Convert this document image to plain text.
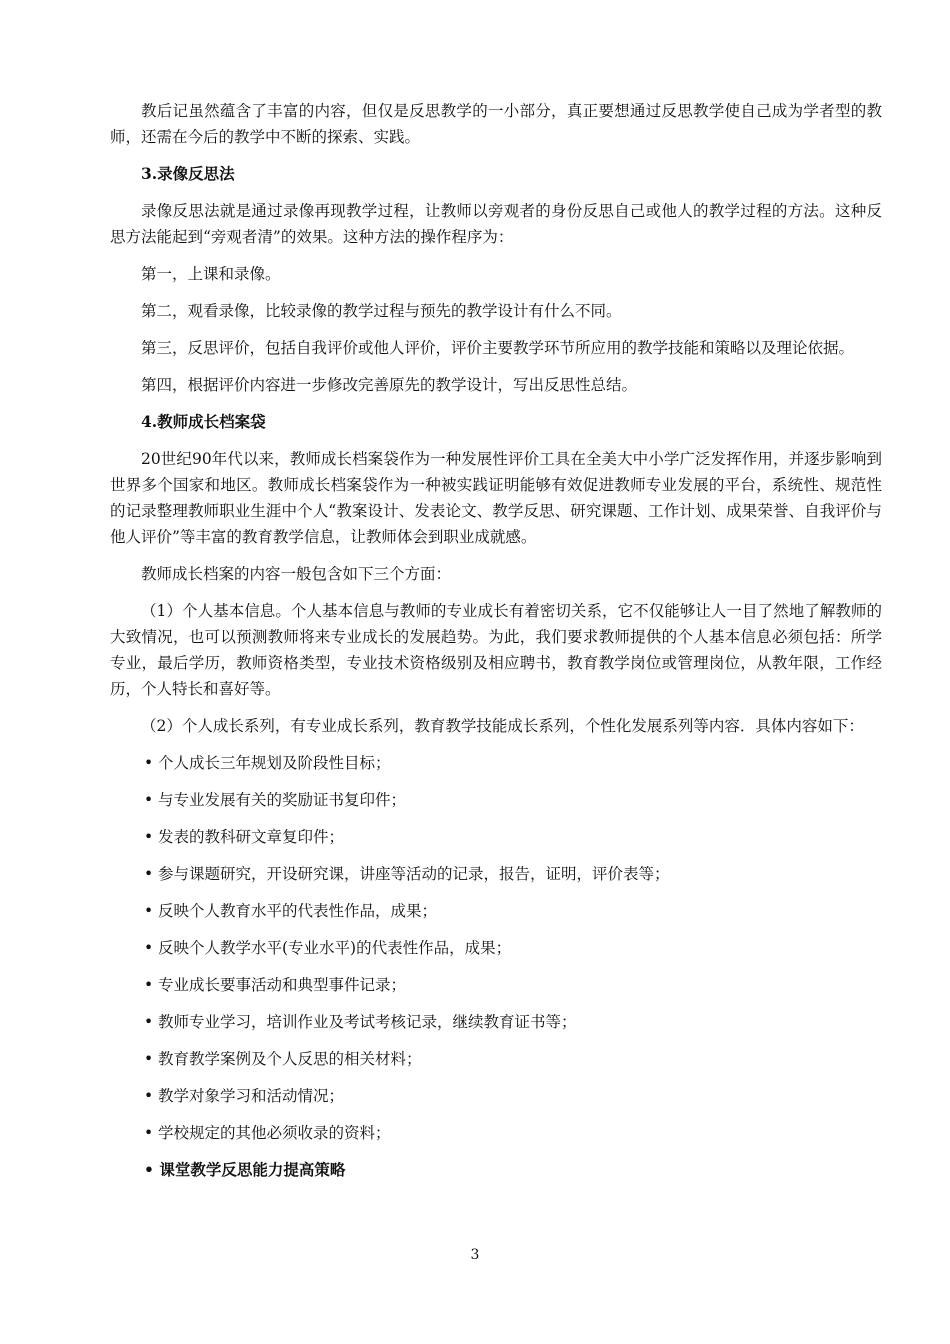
教后记虽然蕴含了丰富的内容，但仅是反思教学的一小部分，真正要想通过反思教学使自己成为学者型的教师，还需在今后的教学中不断的探索、实践。

3.录像反思法

录像反思法就是通过录像再现教学过程，让教师以旁观者的身份反思自己或他人的教学过程的方法。这种反思方法能起到“旁观者清”的效果。这种方法的操作程序为：

第一，上课和录像。

第二，观看录像，比较录像的教学过程与预先的教学设计有什么不同。

第三，反思评价，包括自我评价或他人评价，评价主要教学环节所应用的教学技能和策略以及理论依据。

第四，根据评价内容进一步修改完善原先的教学设计，写出反思性总结。

4.教师成长档案袋

20世纪90年代以来，教师成长档案袋作为一种发展性评价工具在全美大中小学广泛发挥作用，并逐步影响到世界多个国家和地区。教师成长档案袋作为一种被实践证明能够有效促进教师专业发展的平台，系统性、规范性的记录整理教师职业生涯中个人“教案设计、发表论文、教学反思、研究课题、工作计划、成果荣誉、自我评价与他人评价”等丰富的教育教学信息，让教师体会到职业成就感。

教师成长档案的内容一般包含如下三个方面：

（1）个人基本信息。个人基本信息与教师的专业成长有着密切关系，它不仅能够让人一目了然地了解教师的大致情况，也可以预测教师将来专业成长的发展趋势。为此，我们要求教师提供的个人基本信息必须包括：所学专业，最后学历，教师资格类型，专业技术资格级别及相应聘书，教育教学岗位或管理岗位，从教年限，工作经历，个人特长和喜好等。

（2）个人成长系列，有专业成长系列，教育教学技能成长系列，个性化发展系列等内容．具体内容如下：

• 个人成长三年规划及阶段性目标；
• 与专业发展有关的奖励证书复印件；
• 发表的教科研文章复印件；
• 参与课题研究，开设研究课，讲座等活动的记录，报告，证明，评价表等；
• 反映个人教育水平的代表性作品，成果；
• 反映个人教学水平(专业水平)的代表性作品，成果；
• 专业成长要事活动和典型事件记录；
• 教师专业学习，培训作业及考试考核记录，继续教育证书等；
• 教育教学案例及个人反思的相关材料；
• 教学对象学习和活动情况；
• 学校规定的其他必须收录的资料；
• 课堂教学反思能力提高策略
3
